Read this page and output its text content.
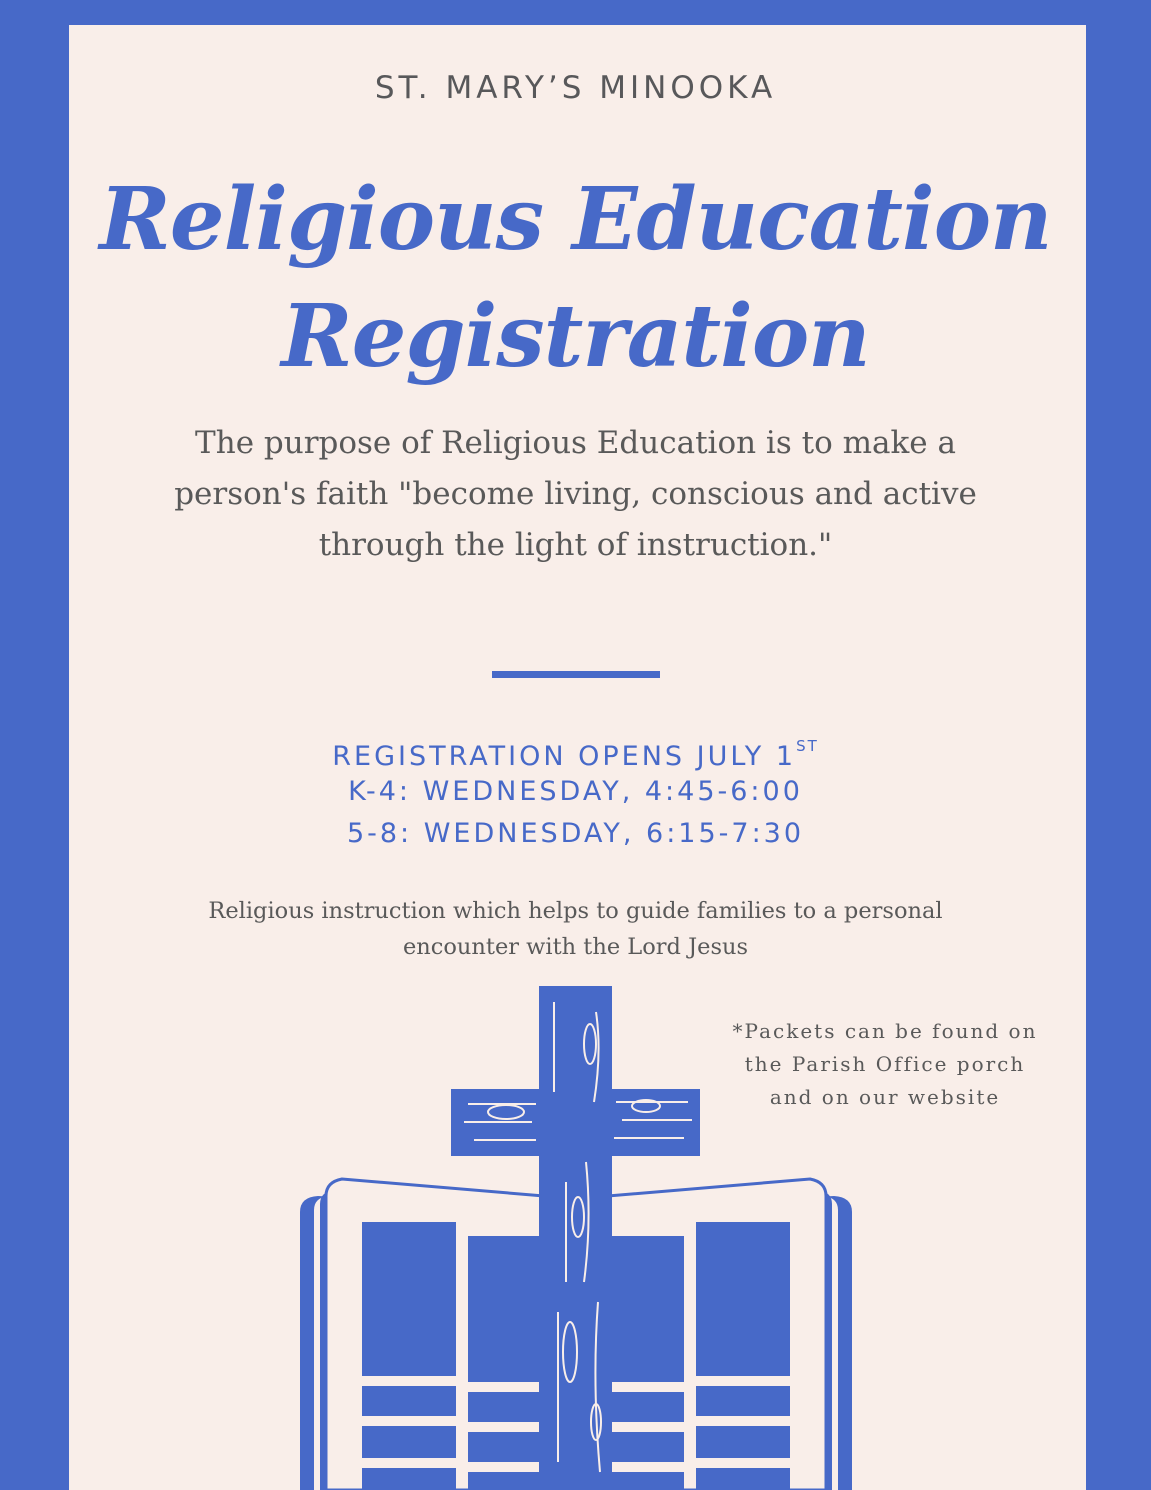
ST. MARY’S MINOOKA
Religious Education
Registration
The purpose of Religious Education is to make a person's faith "become living, conscious and active through the light of instruction."
REGISTRATION OPENS JULY 1ST
K-4: WEDNESDAY, 4:45-6:00
5-8: WEDNESDAY, 6:15-7:30
Religious instruction which helps to guide families to a personal encounter with the Lord Jesus
*Packets can be found on the Parish Office porch and on our website
